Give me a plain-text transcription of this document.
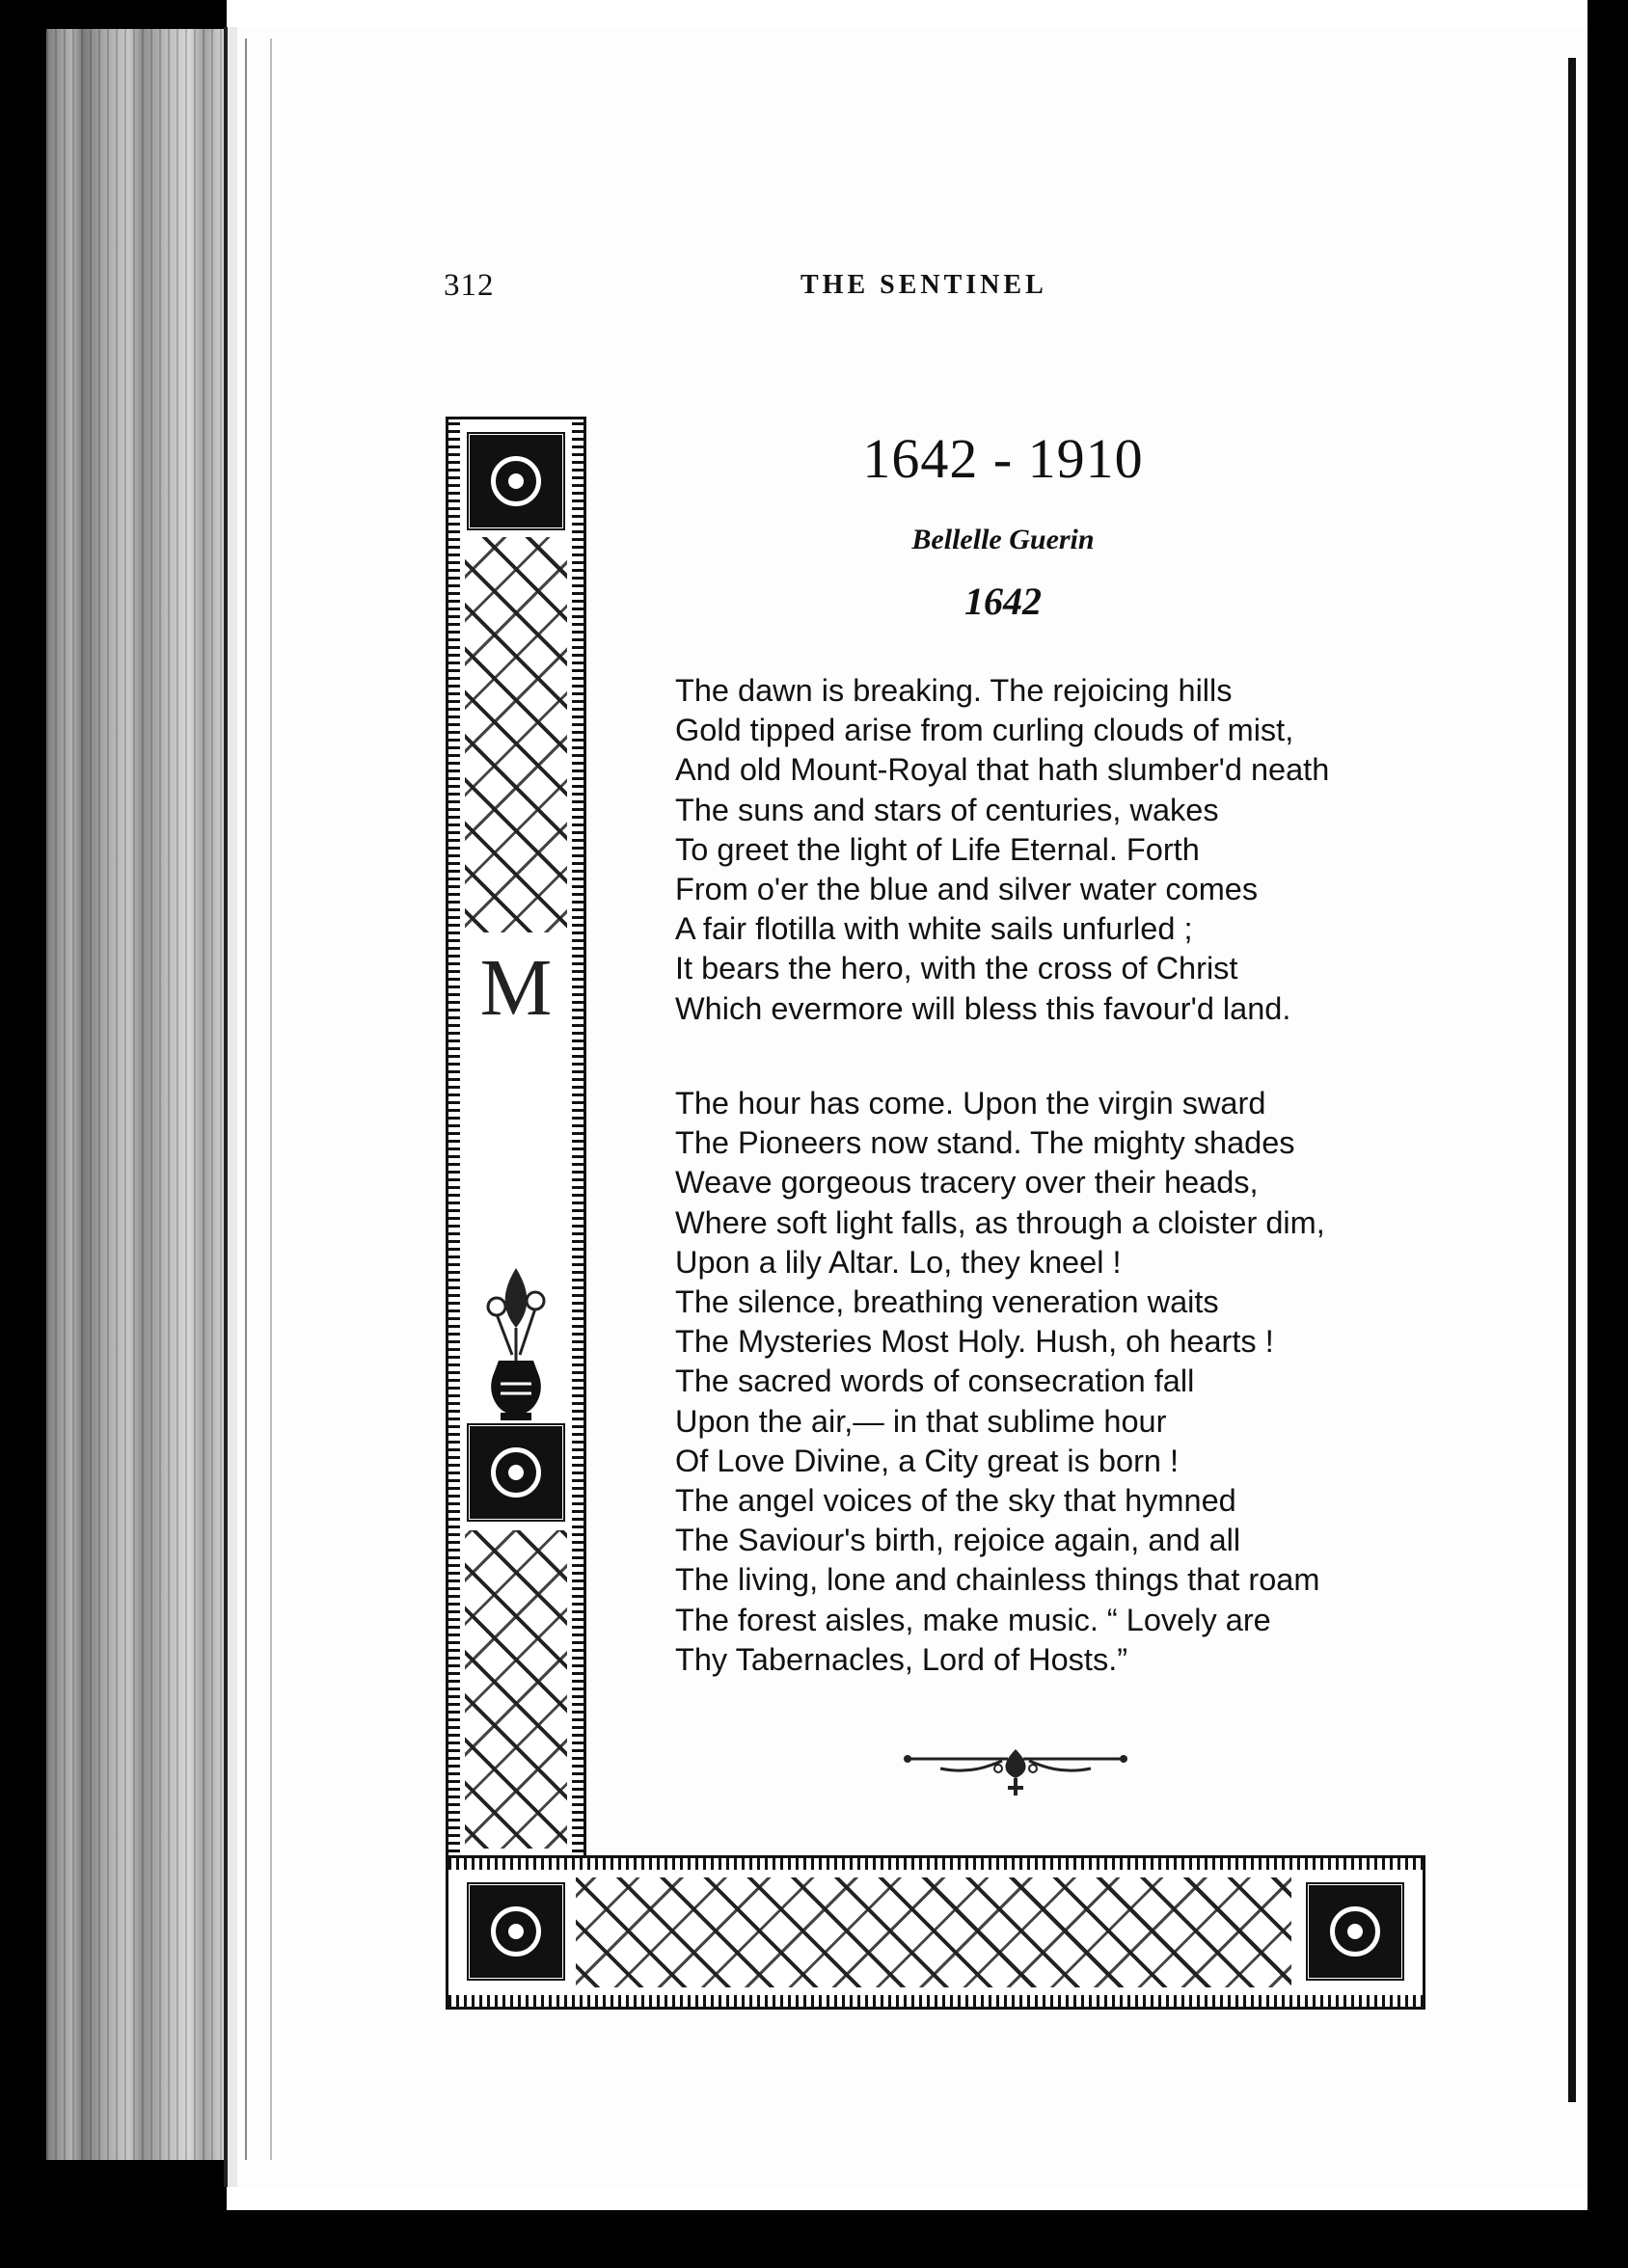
312	THE SENTINEL
M
1642 - 1910
Bellelle Guerin
1642
The dawn is breaking. The rejoicing hills
Gold tipped arise from curling clouds of mist,
And old Mount-Royal that hath slumber'd neath
The suns and stars of centuries, wakes
To greet the light of Life Eternal. Forth
From o'er the blue and silver water comes
A fair flotilla with white sails unfurled ;
It bears the hero, with the cross of Christ
Which evermore will bless this favour'd land.
The hour has come. Upon the virgin sward
The Pioneers now stand. The mighty shades
Weave gorgeous tracery over their heads,
Where soft light falls, as through a cloister dim,
Upon a lily Altar. Lo, they kneel !
The silence, breathing veneration waits
The Mysteries Most Holy. Hush, oh hearts !
The sacred words of consecration fall
Upon the air,— in that sublime hour
Of Love Divine, a City great is born !
The angel voices of the sky that hymned
The Saviour's birth, rejoice again, and all
The living, lone and chainless things that roam
The forest aisles, make music. “ Lovely are
Thy Tabernacles, Lord of Hosts.”
